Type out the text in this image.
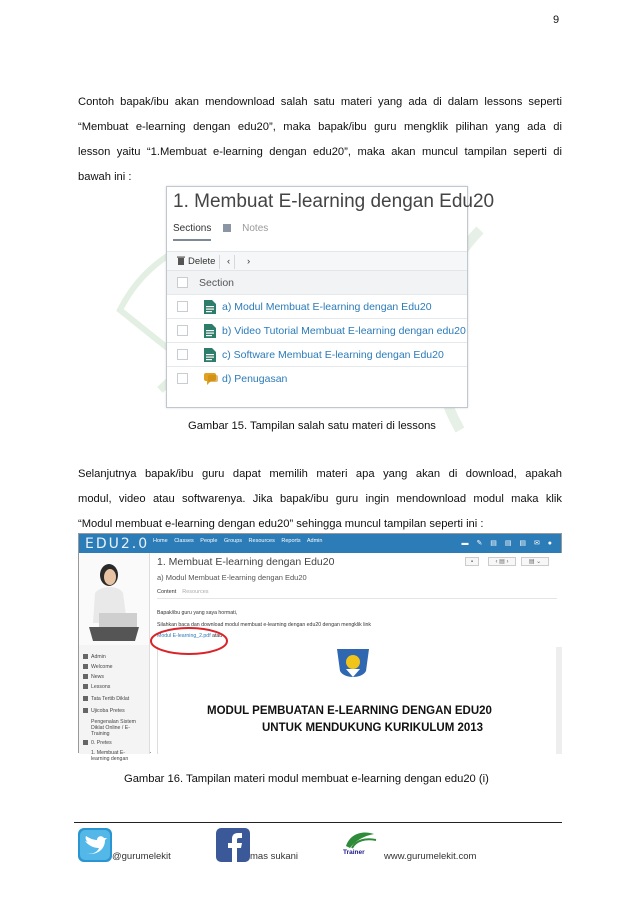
9
Contoh bapak/ibu akan mendownload salah satu materi yang ada di dalam lessons seperti
“Membuat e-learning dengan edu20”, maka bapak/ibu guru mengklik pilihan yang ada di
lesson yaitu “1.Membuat e-learning dengan edu20”, maka akan muncul tampilan seperti di
bawah ini :
1. Membuat E-learning dengan Edu20
Sections	Notes
Delete	‹	›
Section
a) Modul Membuat E-learning dengan Edu20
b) Video Tutorial Membuat E-learning dengan edu20
c) Software Membuat E-learning dengan Edu20
d) Penugasan
Gambar 15. Tampilan salah satu materi di lessons
Selanjutnya bapak/ibu guru dapat memilih materi apa yang akan di download, apakah
modul, video atau softwarenya. Jika bapak/ibu guru ingin mendownload modul maka klik
“Modul membuat e-learning dengan edu20” sehingga muncul tampilan seperti ini :
EDU2.0 Home Classes People Groups Resources Reports Admin	▬ ✎ ▤ ▤ ▤ ✉ ●
Admin
Welcome
News
Lessons
Tata Tertib Diklat
Ujicoba Pretes
Pengenalan Sistem Diklat Online / E-Training
0. Pretes
1. Membuat E-learning dengan
1. Membuat E-learning dengan Edu20
a) Modul Membuat E-learning dengan Edu20
▪	‹ ▤ ›	▤ ⌄
Content Resources
Bapak/ibu guru yang saya hormati,
Silahkan baca dan download modul membuat e-learning dengan edu20 dengan mengklik link
Modul E-learning_2.pdf atau
MODUL PEMBUATAN E-LEARNING DENGAN EDU20
UNTUK MENDUKUNG KURIKULUM 2013
Gambar 16. Tampilan materi modul membuat e-learning dengan edu20 (i)
@gurumelekit	mas sukani	Trainer www.gurumelekit.com
